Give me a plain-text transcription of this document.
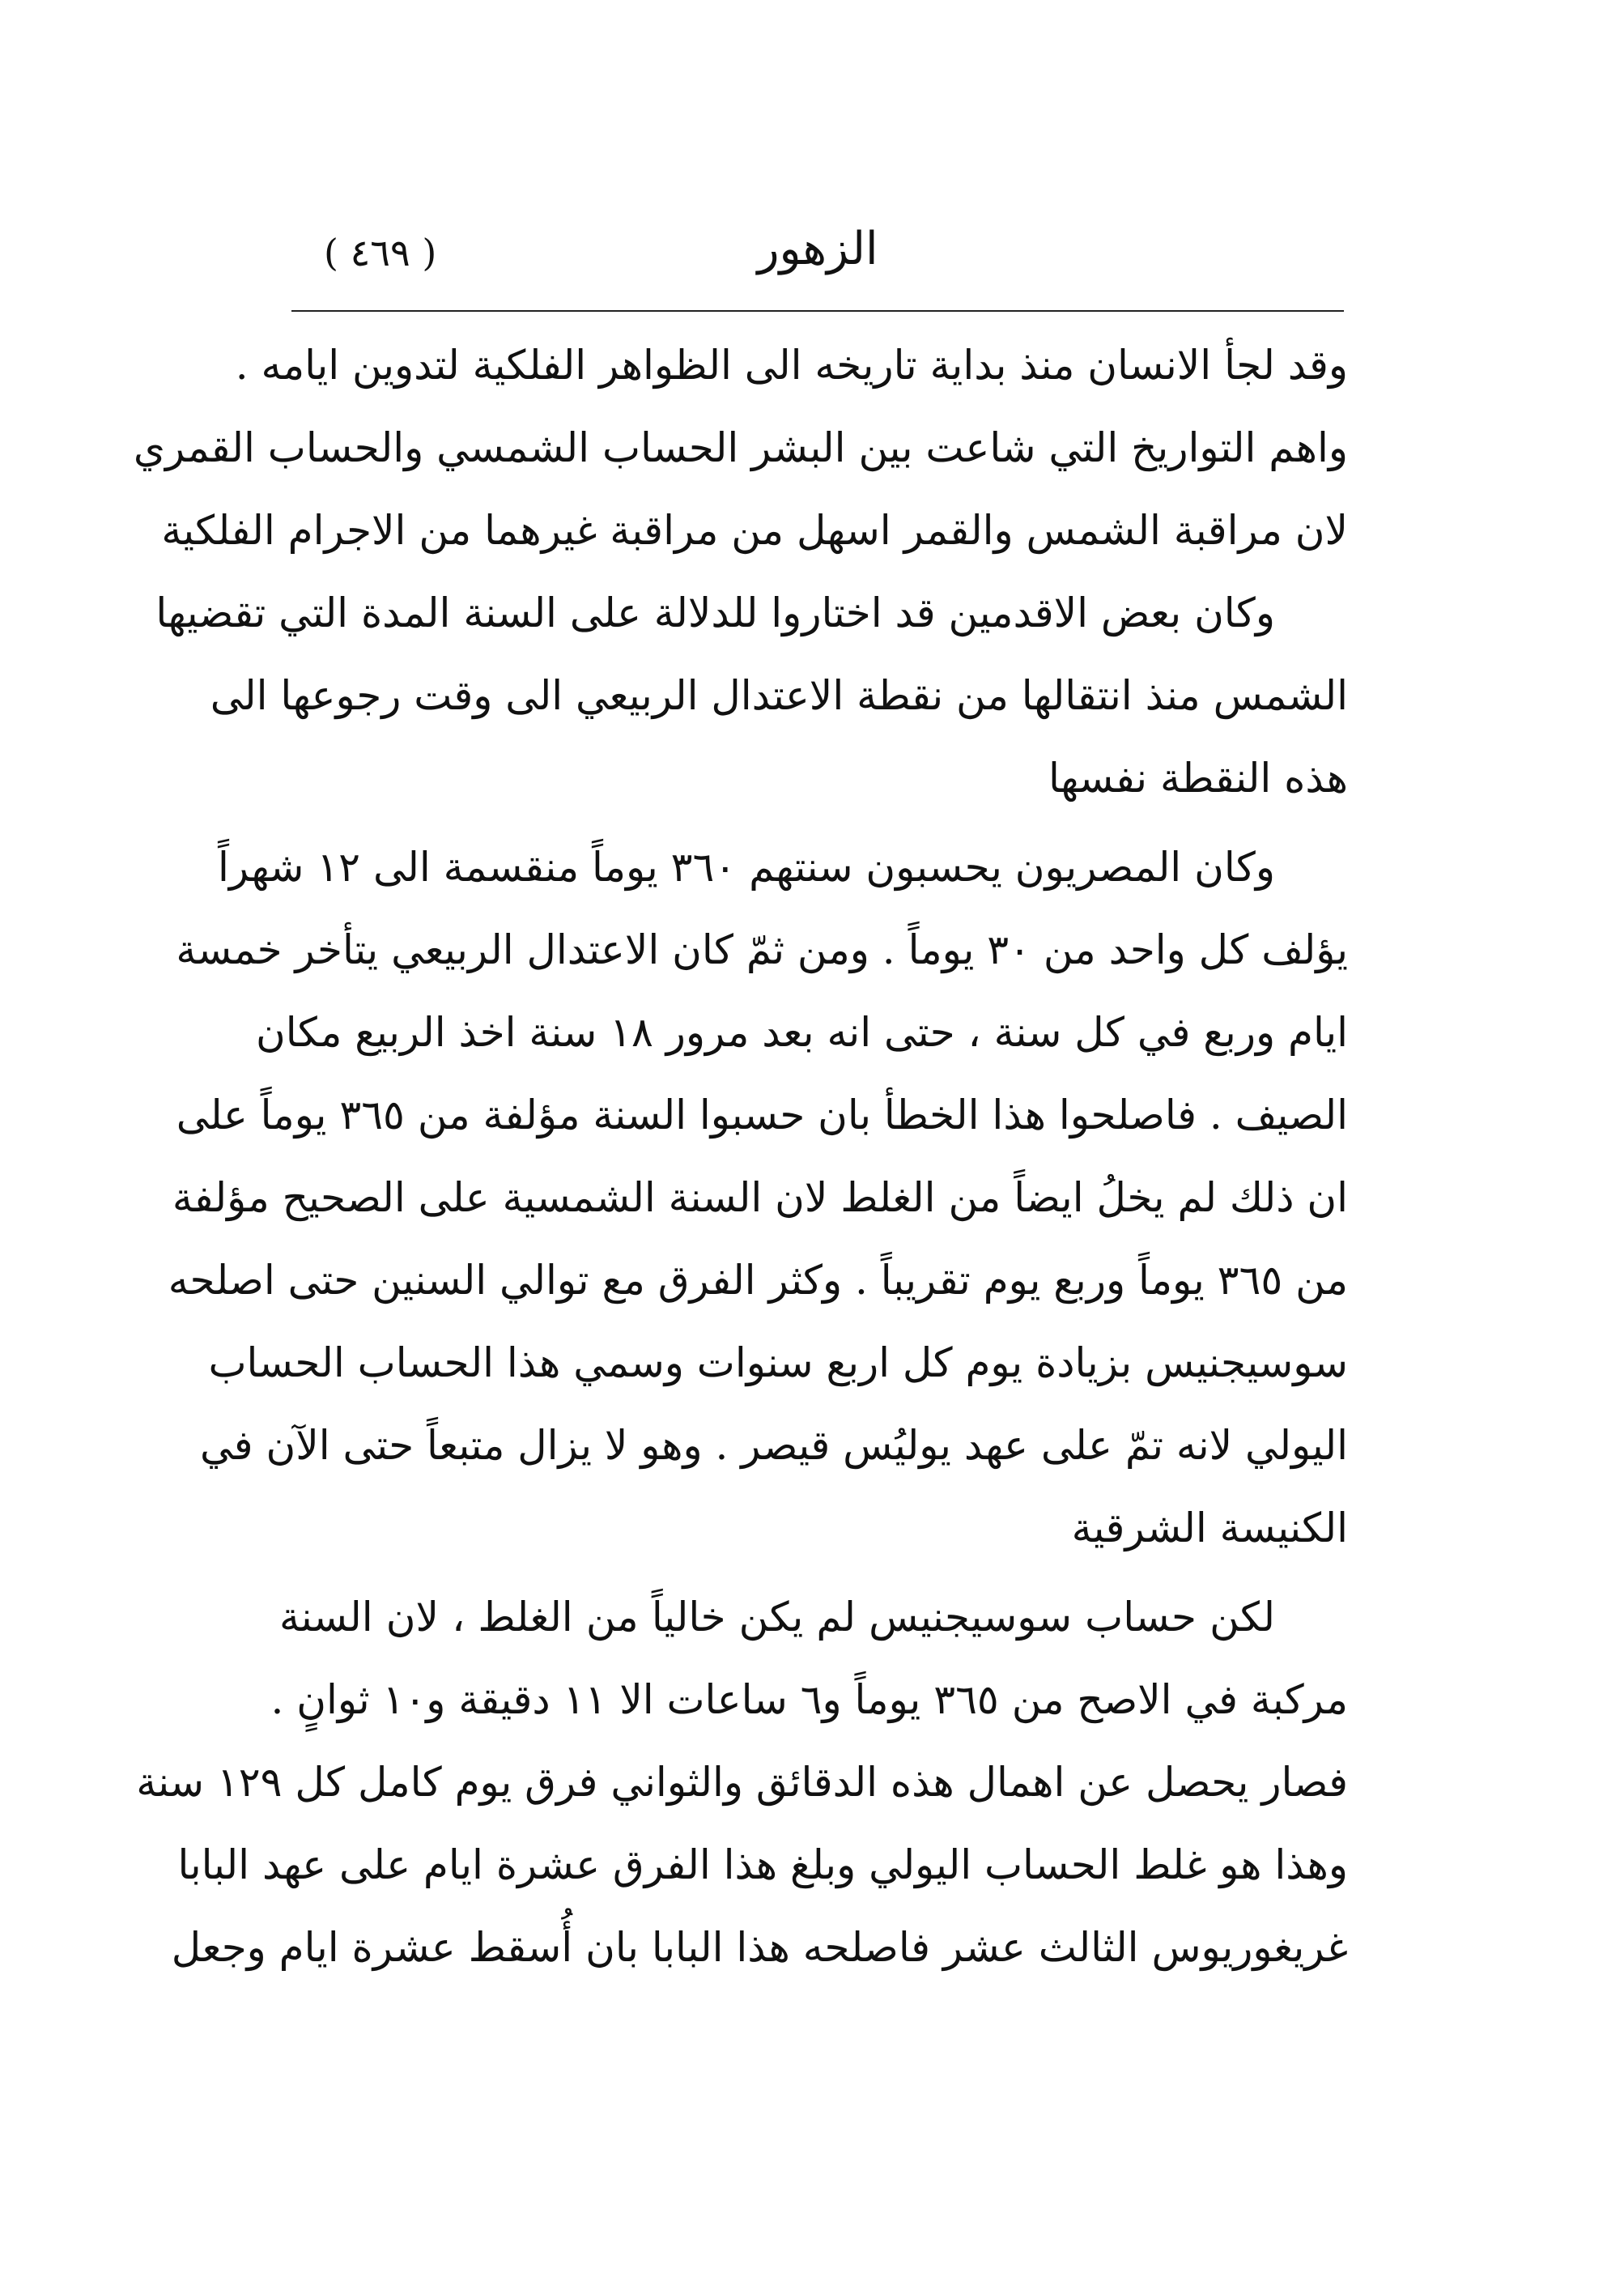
( ٤٦٩ )	الزهور
وقد لجأ الانسان منذ بداية تاريخه الى الظواهر الفلكية لتدوين ايامه .
واهم التواريخ التي شاعت بين البشر الحساب الشمسي والحساب القمري
لان مراقبة الشمس والقمر اسهل من مراقبة غيرهما من الاجرام الفلكية
وكان بعض الاقدمين قد اختاروا للدلالة على السنة المدة التي تقضيها
الشمس منذ انتقالها من نقطة الاعتدال الربيعي الى وقت رجوعها الى
هذه النقطة نفسها
وكان المصريون يحسبون سنتهم ٣٦٠ يوماً منقسمة الى ١٢ شهراً
يؤلف كل واحد من ٣٠ يوماً . ومن ثمّ كان الاعتدال الربيعي يتأخر خمسة
ايام وربع في كل سنة ، حتى انه بعد مرور ١٨ سنة اخذ الربيع مكان
الصيف . فاصلحوا هذا الخطأ بان حسبوا السنة مؤلفة من ٣٦٥ يوماً على
ان ذلك لم يخلُ ايضاً من الغلط لان السنة الشمسية على الصحيح مؤلفة
من ٣٦٥ يوماً وربع يوم تقريباً . وكثر الفرق مع توالي السنين حتى اصلحه
سوسيجنيس بزيادة يوم كل اربع سنوات وسمي هذا الحساب الحساب
اليولي لانه تمّ على عهد يوليُس قيصر . وهو لا يزال متبعاً حتى الآن في
الكنيسة الشرقية
لكن حساب سوسيجنيس لم يكن خالياً من الغلط ، لان السنة
مركبة في الاصح من ٣٦٥ يوماً و٦ ساعات الا ١١ دقيقة و١٠ ثوانٍ .
فصار يحصل عن اهمال هذه الدقائق والثواني فرق يوم كامل كل ١٢٩ سنة
وهذا هو غلط الحساب اليولي وبلغ هذا الفرق عشرة ايام على عهد البابا
غريغوريوس الثالث عشر فاصلحه هذا البابا بان أُسقط عشرة ايام وجعل
